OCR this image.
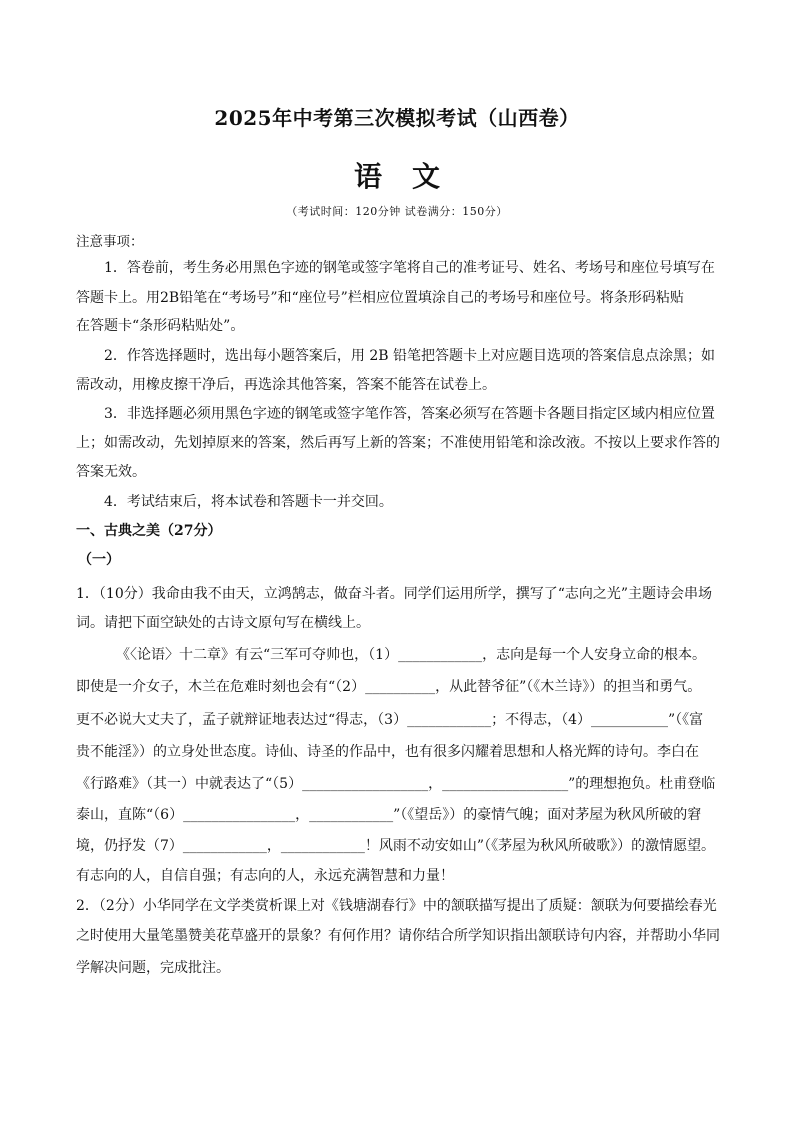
2025年中考第三次模拟考试（山西卷）
语文
（考试时间：120分钟 试卷满分：150分）
注意事项：
1．答卷前，考生务必用黑色字迹的钢笔或签字笔将自己的准考证号、姓名、考场号和座位号填写在
答题卡上。用2B铅笔在“考场号”和“座位号”栏相应位置填涂自己的考场号和座位号。将条形码粘贴
在答题卡“条形码粘贴处”。
2．作答选择题时，选出每小题答案后，用 2B 铅笔把答题卡上对应题目选项的答案信息点涂黑；如
需改动，用橡皮擦干净后，再选涂其他答案，答案不能答在试卷上。
3．非选择题必须用黑色字迹的钢笔或签字笔作答，答案必须写在答题卡各题目指定区域内相应位置
上；如需改动，先划掉原来的答案，然后再写上新的答案；不准使用铅笔和涂改液。不按以上要求作答的
答案无效。
4．考试结束后，将本试卷和答题卡一并交回。
一、古典之美（27分）
（一）
1．（10分）我命由我不由天，立鸿鹄志，做奋斗者。同学们运用所学，撰写了“志向之光”主题诗会串场
词。请把下面空缺处的古诗文原句写在横线上。
《〈论语〉十二章》有云“三军可夺帅也，（1）____________，志向是每一个人安身立命的根本。
即使是一介女子，木兰在危难时刻也会有“（2）__________，从此替爷征”（《木兰诗》）的担当和勇气。
更不必说大丈夫了，孟子就辩证地表达过“得志，（3）____________；不得志，（4）___________”（《富
贵不能淫》）的立身处世态度。诗仙、诗圣的作品中，也有很多闪耀着思想和人格光辉的诗句。李白在
《行路难》（其一）中就表达了“（5）__________________，__________________”的理想抱负。杜甫登临
泰山，直陈“（6）________________，____________”（《望岳》）的豪情气魄；面对茅屋为秋风所破的窘
境，仍抒发（7）____________，____________！风雨不动安如山”（《茅屋为秋风所破歌》）的激情愿望。
有志向的人，自信自强；有志向的人，永远充满智慧和力量！
2．（2分）小华同学在文学类赏析课上对《钱塘湖春行》中的颔联描写提出了质疑：颔联为何要描绘春光
之时使用大量笔墨赞美花草盛开的景象？有何作用？请你结合所学知识指出颔联诗句内容，并帮助小华同
学解决问题，完成批注。
